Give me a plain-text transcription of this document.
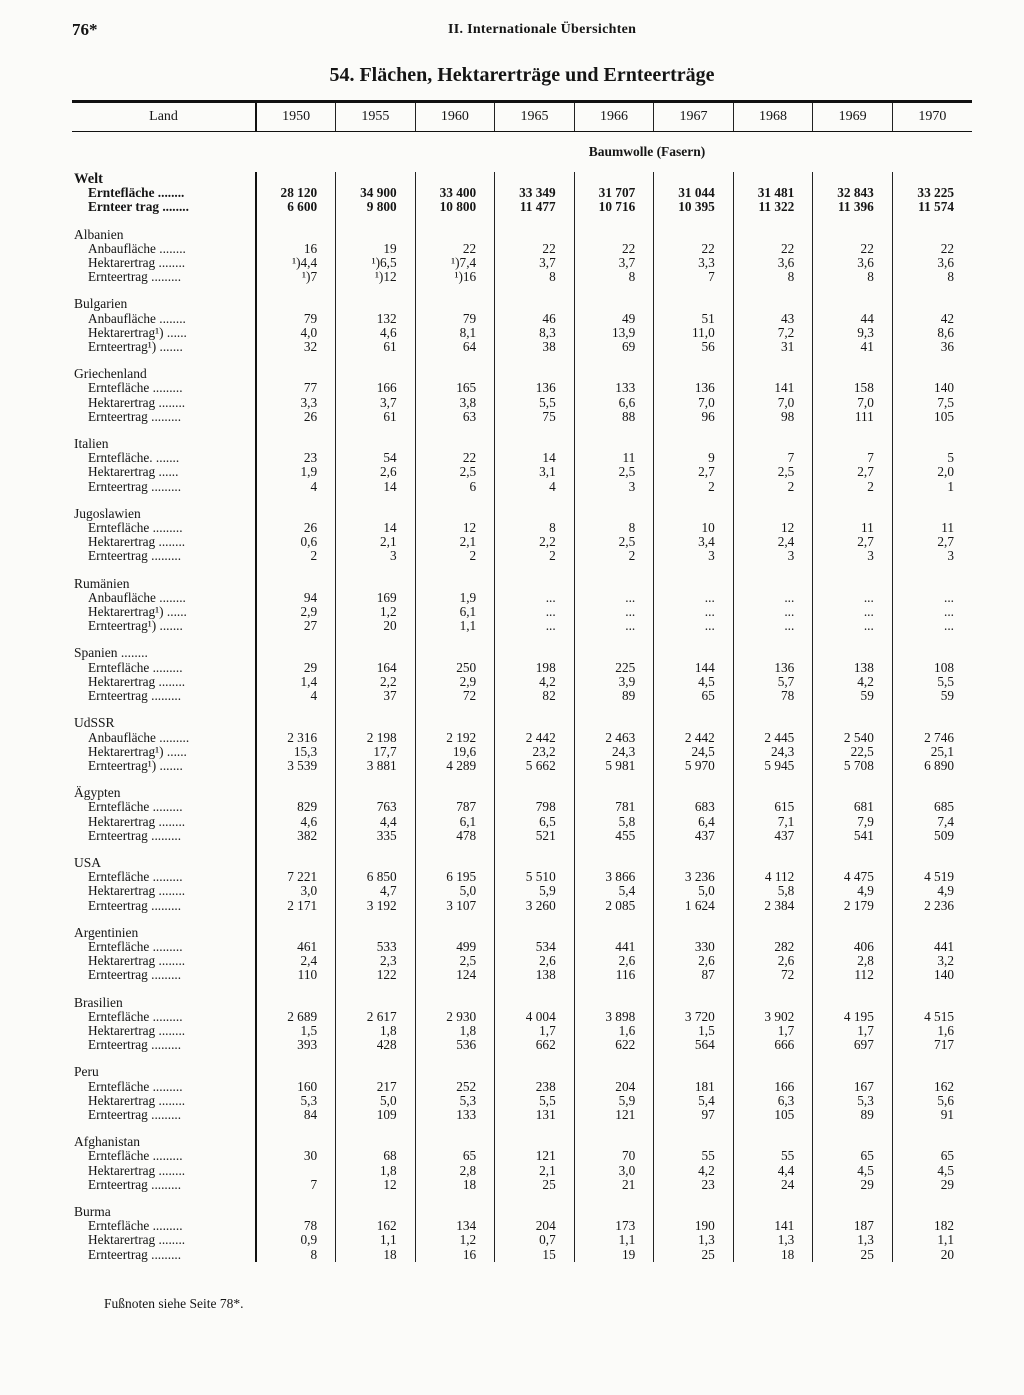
76*	II. Internationale Übersichten
54. Flächen, Hektarerträge und Ernteerträge
Land	1950	1955	1960	1965	1966	1967	1968	1969	1970
Baumwolle (Fasern)									
Welt									
Erntefläche ........	28 120	34 900	33 400	33 349	31 707	31 044	31 481	32 843	33 225
Ernteer trag ........	6 600	9 800	10 800	11 477	10 716	10 395	11 322	11 396	11 574

Albanien									
Anbaufläche ........	16	19	22	22	22	22	22	22	22
Hektarertrag ........	¹)4,4	¹)6,5	¹)7,4	3,7	3,7	3,3	3,6	3,6	3,6
Ernteertrag .........	¹)7	¹)12	¹)16	8	8	7	8	8	8

Bulgarien									
Anbaufläche ........	79	132	79	46	49	51	43	44	42
Hektarertrag¹) ......	4,0	4,6	8,1	8,3	13,9	11,0	7,2	9,3	8,6
Ernteertrag¹) .......	32	61	64	38	69	56	31	41	36

Griechenland									
Erntefläche .........	77	166	165	136	133	136	141	158	140
Hektarertrag ........	3,3	3,7	3,8	5,5	6,6	7,0	7,0	7,0	7,5
Ernteertrag .........	26	61	63	75	88	96	98	111	105

Italien									
Erntefläche. .......	23	54	22	14	11	9	7	7	5
Hektarertrag ......	1,9	2,6	2,5	3,1	2,5	2,7	2,5	2,7	2,0
Ernteertrag .........	4	14	6	4	3	2	2	2	1

Jugoslawien									
Erntefläche .........	26	14	12	8	8	10	12	11	11
Hektarertrag ........	0,6	2,1	2,1	2,2	2,5	3,4	2,4	2,7	2,7
Ernteertrag .........	2	3	2	2	2	3	3	3	3

Rumänien									
Anbaufläche ........	94	169	1,9	...	...	...	...	...	...
Hektarertrag¹) ......	2,9	1,2	6,1	...	...	...	...	...	...
Ernteertrag¹) .......	27	20	1,1	...	...	...	...	...	...

Spanien ........									
Erntefläche .........	29	164	250	198	225	144	136	138	108
Hektarertrag ........	1,4	2,2	2,9	4,2	3,9	4,5	5,7	4,2	5,5
Ernteertrag .........	4	37	72	82	89	65	78	59	59

UdSSR									
Anbaufläche .........	2 316	2 198	2 192	2 442	2 463	2 442	2 445	2 540	2 746
Hektarertrag¹) ......	15,3	17,7	19,6	23,2	24,3	24,5	24,3	22,5	25,1
Ernteertrag¹) .......	3 539	3 881	4 289	5 662	5 981	5 970	5 945	5 708	6 890

Ägypten									
Erntefläche .........	829	763	787	798	781	683	615	681	685
Hektarertrag ........	4,6	4,4	6,1	6,5	5,8	6,4	7,1	7,9	7,4
Ernteertrag .........	382	335	478	521	455	437	437	541	509

USA									
Erntefläche .........	7 221	6 850	6 195	5 510	3 866	3 236	4 112	4 475	4 519
Hektarertrag ........	3,0	4,7	5,0	5,9	5,4	5,0	5,8	4,9	4,9
Ernteertrag .........	2 171	3 192	3 107	3 260	2 085	1 624	2 384	2 179	2 236

Argentinien									
Erntefläche .........	461	533	499	534	441	330	282	406	441
Hektarertrag ........	2,4	2,3	2,5	2,6	2,6	2,6	2,6	2,8	3,2
Ernteertrag .........	110	122	124	138	116	87	72	112	140

Brasilien									
Erntefläche .........	2 689	2 617	2 930	4 004	3 898	3 720	3 902	4 195	4 515
Hektarertrag ........	1,5	1,8	1,8	1,7	1,6	1,5	1,7	1,7	1,6
Ernteertrag .........	393	428	536	662	622	564	666	697	717

Peru									
Erntefläche .........	160	217	252	238	204	181	166	167	162
Hektarertrag ........	5,3	5,0	5,3	5,5	5,9	5,4	6,3	5,3	5,6
Ernteertrag .........	84	109	133	131	121	97	105	89	91

Afghanistan									
Erntefläche .........	30	68	65	121	70	55	55	65	65
Hektarertrag ........		1,8	2,8	2,1	3,0	4,2	4,4	4,5	4,5
Ernteertrag .........	7	12	18	25	21	23	24	29	29

Burma									
Erntefläche .........	78	162	134	204	173	190	141	187	182
Hektarertrag ........	0,9	1,1	1,2	0,7	1,1	1,3	1,3	1,3	1,1
Ernteertrag .........	8	18	16	15	19	25	18	25	20
Fußnoten siehe Seite 78*.
